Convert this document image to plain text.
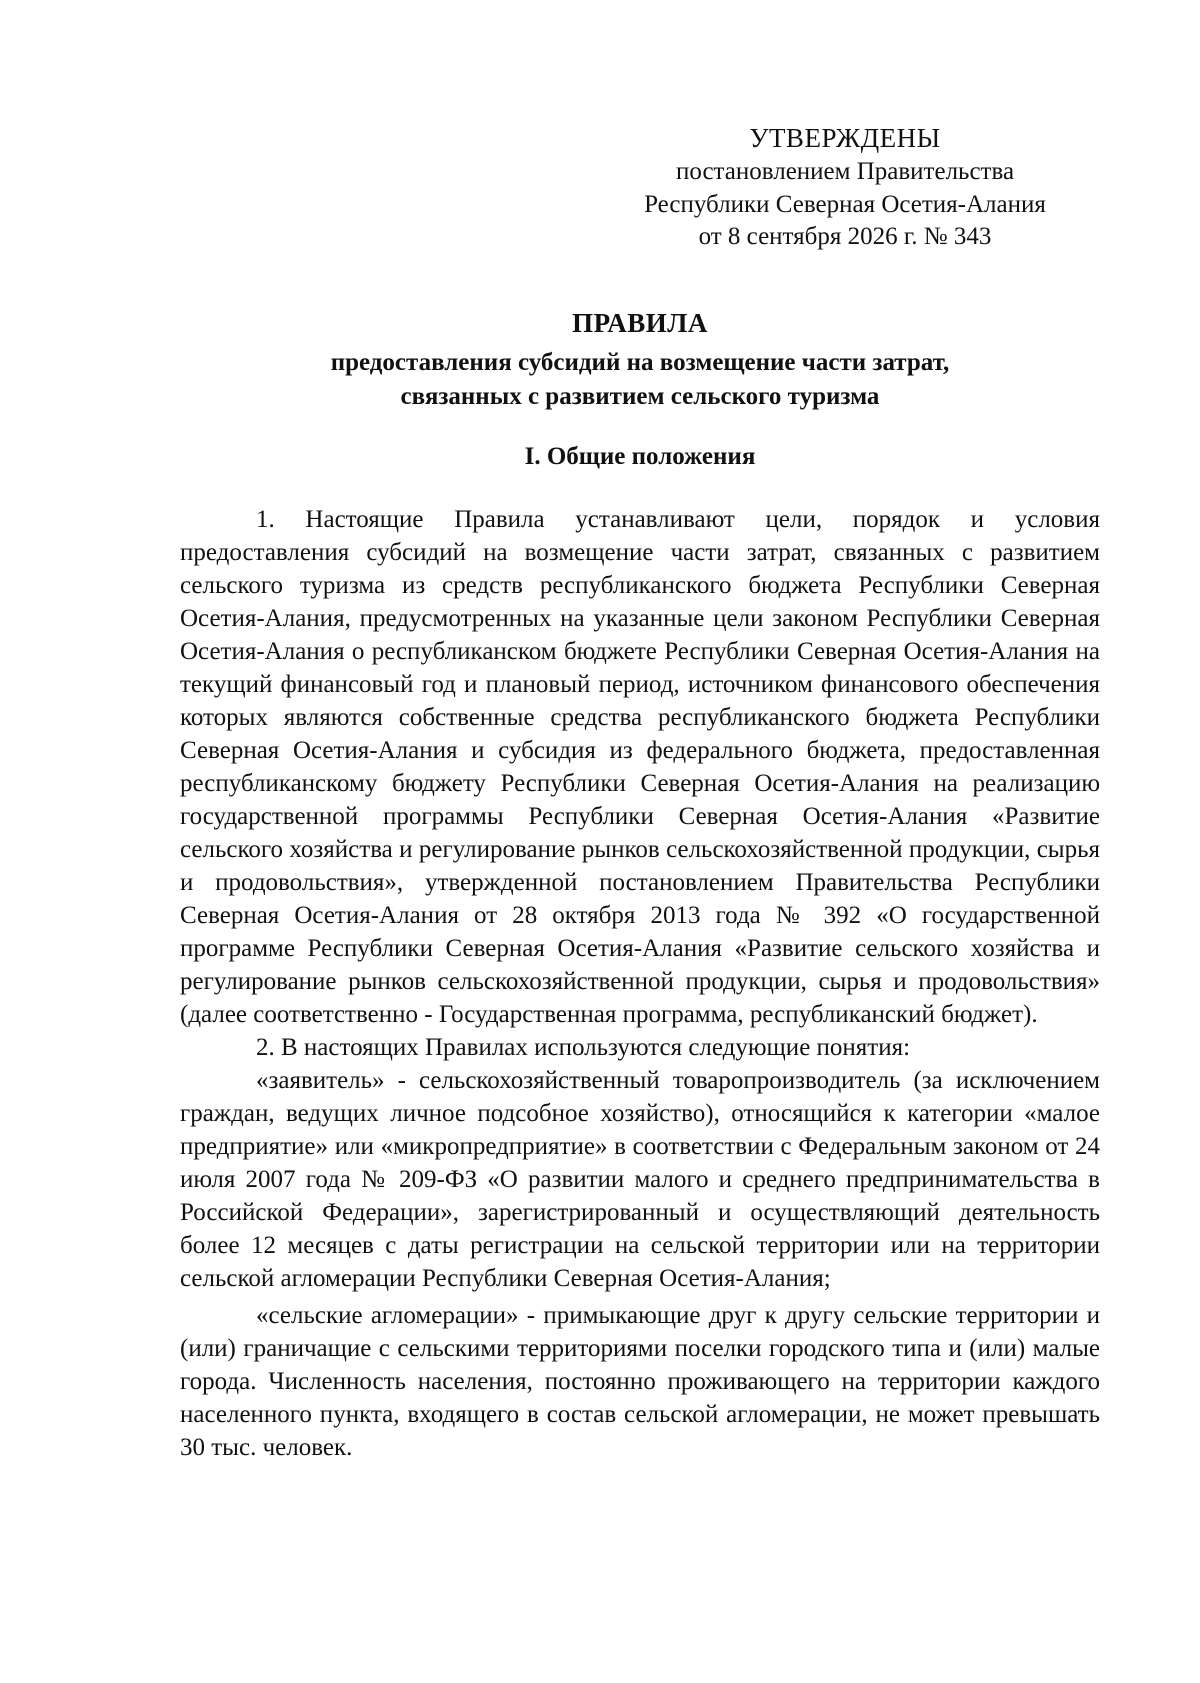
УТВЕРЖДЕНЫ
постановлением Правительства
Республики Северная Осетия-Алания
от 8 сентября 2026 г. № 343
ПРАВИЛА
предоставления субсидий на возмещение части затрат,
связанных с развитием сельского туризма
I. Общие положения

1. Настоящие Правила устанавливают цели, порядок и условия предоставления субсидий на возмещение части затрат, связанных с развитием сельского туризма из средств республиканского бюджета Республики Северная Осетия-Алания, предусмотренных на указанные цели законом Республики Северная Осетия-Алания о республиканском бюджете Республики Северная Осетия-Алания на текущий финансовый год и плановый период, источником финансового обеспечения которых являются собственные средства республиканского бюджета Республики Северная Осетия-Алания и субсидия из федерального бюджета, предоставленная республиканскому бюджету Республики Северная Осетия-Алания на реализацию государственной программы Республики Северная Осетия-Алания «Развитие сельского хозяйства и регулирование рынков сельскохозяйственной продукции, сырья и продовольствия», утвержденной постановлением Правительства Республики Северная Осетия-Алания от 28 октября 2013 года № 392 «О государственной программе Республики Северная Осетия-Алания «Развитие сельского хозяйства и регулирование рынков сельскохозяйственной продукции, сырья и продовольствия» (далее соответственно - Государственная программа, республиканский бюджет).

2. В настоящих Правилах используются следующие понятия:

«заявитель» - сельскохозяйственный товаропроизводитель (за исключением граждан, ведущих личное подсобное хозяйство), относящийся к категории «малое предприятие» или «микропредприятие» в соответствии с Федеральным законом от 24 июля 2007 года № 209-ФЗ «О развитии малого и среднего предпринимательства в Российской Федерации», зарегистрированный и осуществляющий деятельность более 12 месяцев с даты регистрации на сельской территории или на территории сельской агломерации Республики Северная Осетия-Алания;

«сельские агломерации» - примыкающие друг к другу сельские территории и (или) граничащие с сельскими территориями поселки городского типа и (или) малые города. Численность населения, постоянно проживающего на территории каждого населенного пункта, входящего в состав сельской агломерации, не может превышать 30 тыс. человек.
